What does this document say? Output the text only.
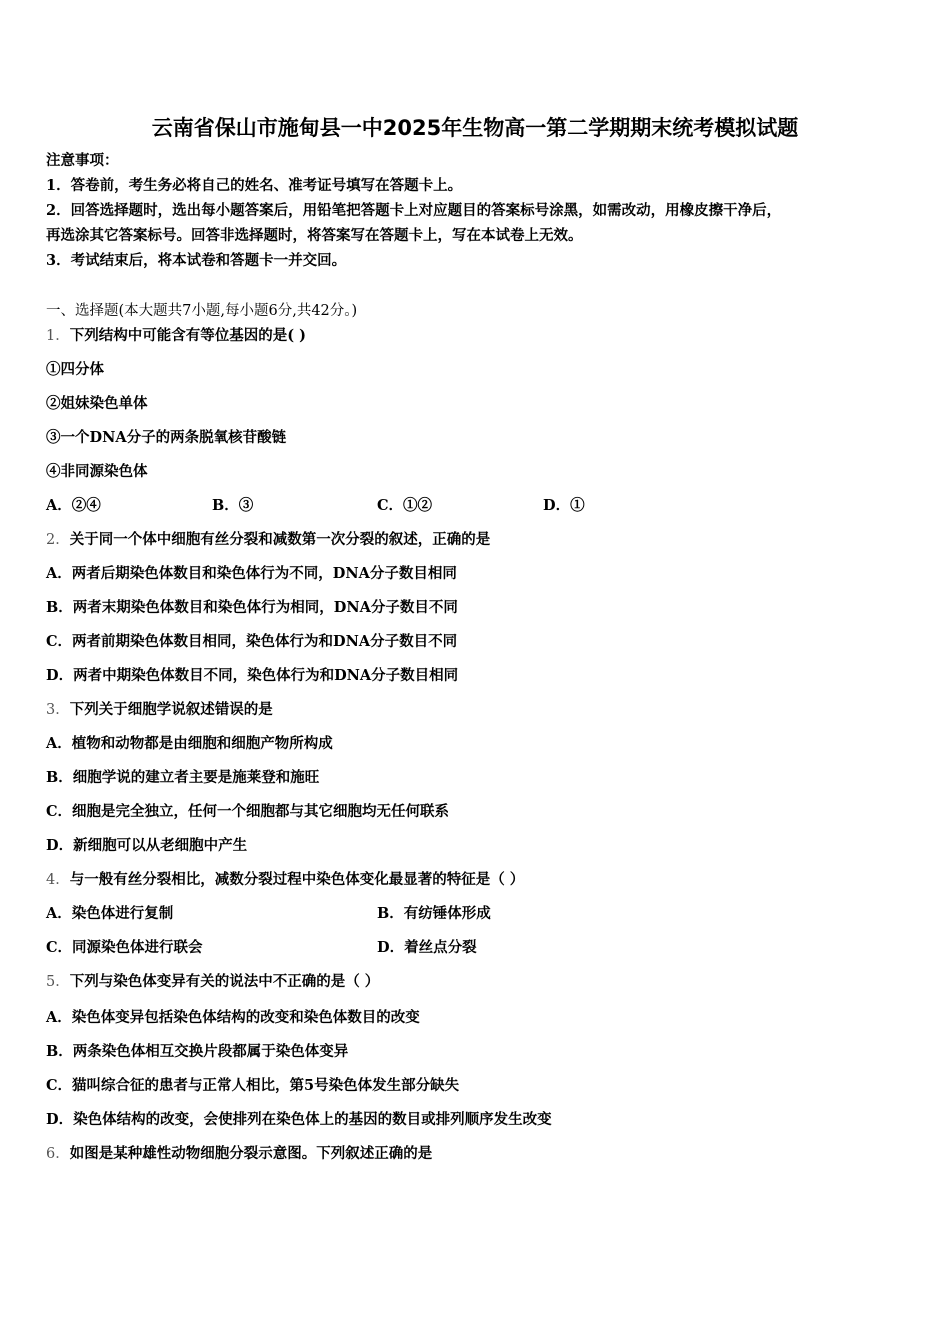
云南省保山市施甸县一中2025年生物高一第二学期期末统考模拟试题
注意事项：
1．答卷前，考生务必将自己的姓名、准考证号填写在答题卡上。
2．回答选择题时，选出每小题答案后，用铅笔把答题卡上对应题目的答案标号涂黑，如需改动，用橡皮擦干净后，
再选涂其它答案标号。回答非选择题时，将答案写在答题卡上，写在本试卷上无效。
3．考试结束后，将本试卷和答题卡一并交回。
一、选择题(本大题共7小题,每小题6分,共42分。)
1．下列结构中可能含有等位基因的是( )
①四分体
②姐妹染色单体
③一个DNA分子的两条脱氧核苷酸链
④非同源染色体
A．②④	B．③	C．①②	D．①
2．关于同一个体中细胞有丝分裂和减数第一次分裂的叙述，正确的是
A．两者后期染色体数目和染色体行为不同，DNA分子数目相同
B．两者末期染色体数目和染色体行为相同，DNA分子数目不同
C．两者前期染色体数目相同，染色体行为和DNA分子数目不同
D．两者中期染色体数目不同，染色体行为和DNA分子数目相同
3．下列关于细胞学说叙述错误的是
A．植物和动物都是由细胞和细胞产物所构成
B．细胞学说的建立者主要是施莱登和施旺
C．细胞是完全独立，任何一个细胞都与其它细胞均无任何联系
D．新细胞可以从老细胞中产生
4．与一般有丝分裂相比，减数分裂过程中染色体变化最显著的特征是（ ）
A．染色体进行复制	B．有纺锤体形成
C．同源染色体进行联会	D．着丝点分裂
5．下列与染色体变异有关的说法中不正确的是（ ）
A．染色体变异包括染色体结构的改变和染色体数目的改变
B．两条染色体相互交换片段都属于染色体变异
C．猫叫综合征的患者与正常人相比，第5号染色体发生部分缺失
D．染色体结构的改变，会使排列在染色体上的基因的数目或排列顺序发生改变
6．如图是某种雄性动物细胞分裂示意图。下列叙述正确的是
